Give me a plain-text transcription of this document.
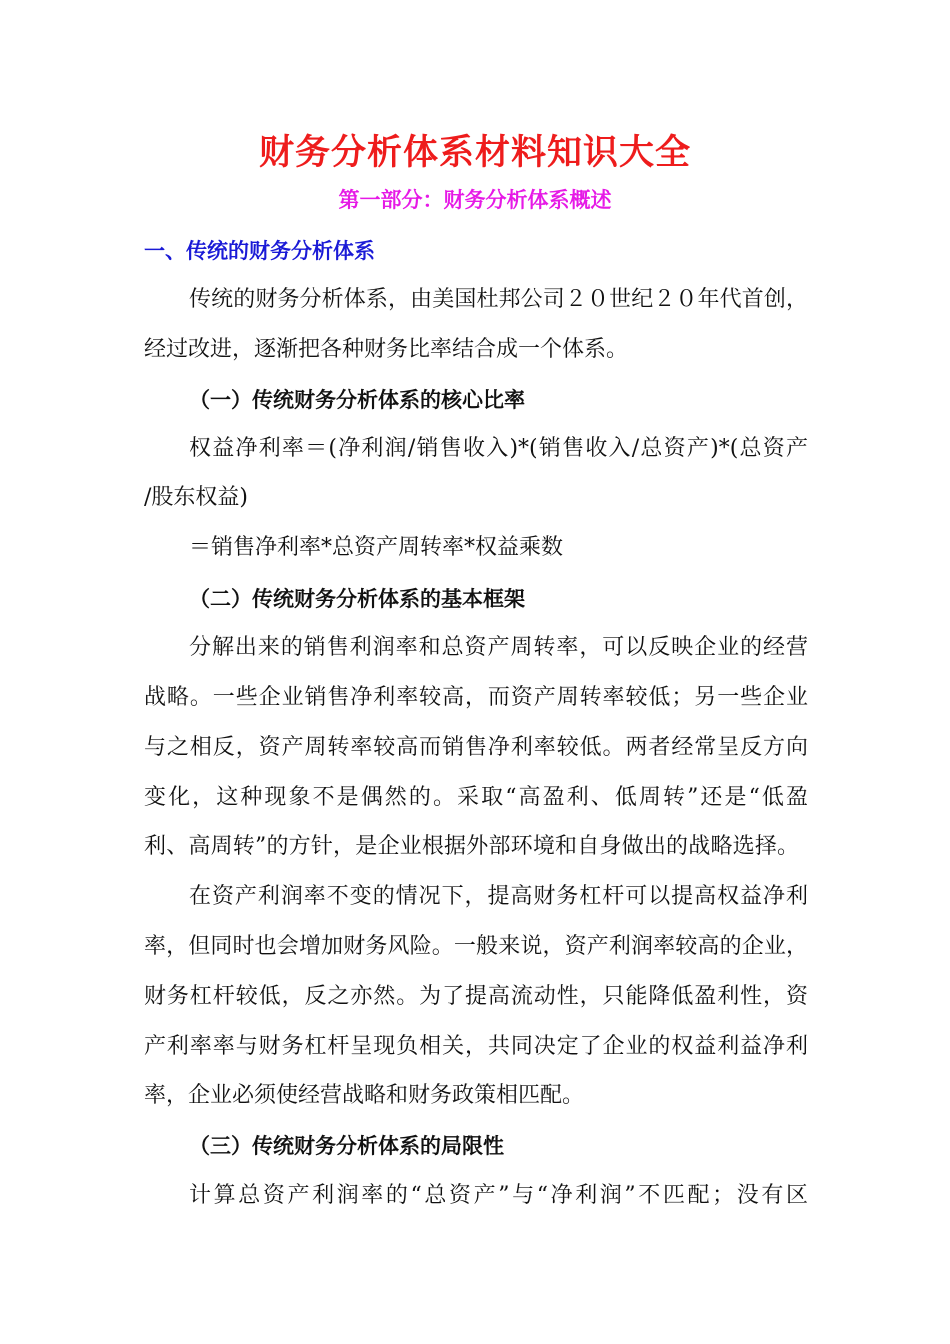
财务分析体系材料知识大全
第一部分：财务分析体系概述
一、传统的财务分析体系
传统的财务分析体系，由美国杜邦公司２０世纪２０年代首创，
经过改进，逐渐把各种财务比率结合成一个体系。
（一）传统财务分析体系的核心比率
权益净利率＝(净利润/销售收入)*(销售收入/总资产)*(总资产
/股东权益)
＝销售净利率*总资产周转率*权益乘数
（二）传统财务分析体系的基本框架
分解出来的销售利润率和总资产周转率，可以反映企业的经营
战略。一些企业销售净利率较高，而资产周转率较低；另一些企业
与之相反，资产周转率较高而销售净利率较低。两者经常呈反方向
变化，这种现象不是偶然的。采取“高盈利、低周转”还是“低盈
利、高周转”的方针，是企业根据外部环境和自身做出的战略选择。
在资产利润率不变的情况下，提高财务杠杆可以提高权益净利
率，但同时也会增加财务风险。一般来说，资产利润率较高的企业，
财务杠杆较低，反之亦然。为了提高流动性，只能降低盈利性，资
产利率率与财务杠杆呈现负相关，共同决定了企业的权益利益净利
率，企业必须使经营战略和财务政策相匹配。
（三）传统财务分析体系的局限性
计算总资产利润率的“总资产”与“净利润”不匹配；没有区
